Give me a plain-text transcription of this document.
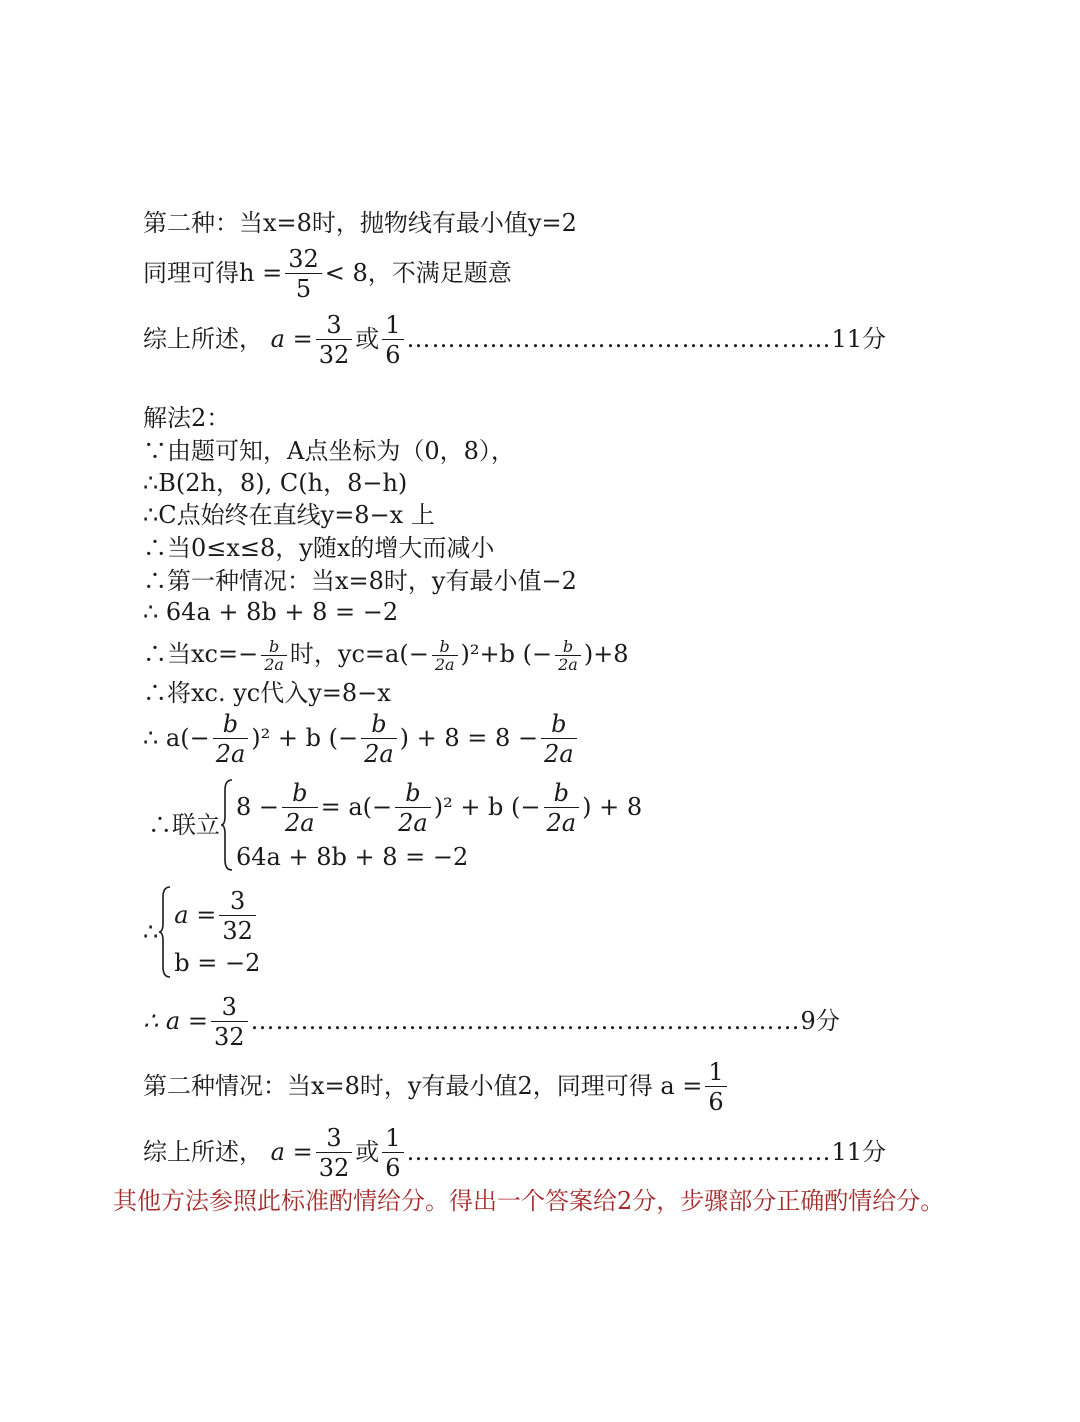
第二种：当x=8时，抛物线有最小值y=2
同理可得$h = \frac{32}{5} < 8$，不满足题意
综上所述， $a = \frac{3}{32}$ 或 $\frac{1}{6}$ ……………………………………………11分
解法2：
∵由题可知，A点坐标为（0，8），
∴B(2h，8), C(h，8−h)
∴C点始终在直线y=8−x 上
∴当0≤x≤8，y随x的增大而减小
∴第一种情况：当x=8时，y有最小值−2
∴ 64a + 8b + 8 = −2
∴当$xc=- \frac{b}{2a}$ 时，$yc=a(- \frac{b}{2a} )^2+b$ (− $\frac{b}{2a} )+8$
∴将xc. yc代入y=8−x
∴ $a(- \frac{b}{2a} )^2 + b$ (− $\frac{b}{2a}$ ) + $8 = 8 - \frac{b}{2a}$
∴联立
$8 - \frac{b}{2a} = a(- \frac{b}{2a} )^2 + b$ (− $\frac{b}{2a}$ ) + 8
64a + 8b + 8 = −2
∴
$a = \frac{3}{32}$
b = −2
∴ $a = \frac{3}{32}$ …………………………………………………………9分
第二种情况：当x=8时，y有最小值2，同理可得 $a = \frac{1}{6}$
综上所述， $a = \frac{3}{32}$ 或 $\frac{1}{6}$ ……………………………………………11分
其他方法参照此标准酌情给分。得出一个答案给2分，步骤部分正确酌情给分。
